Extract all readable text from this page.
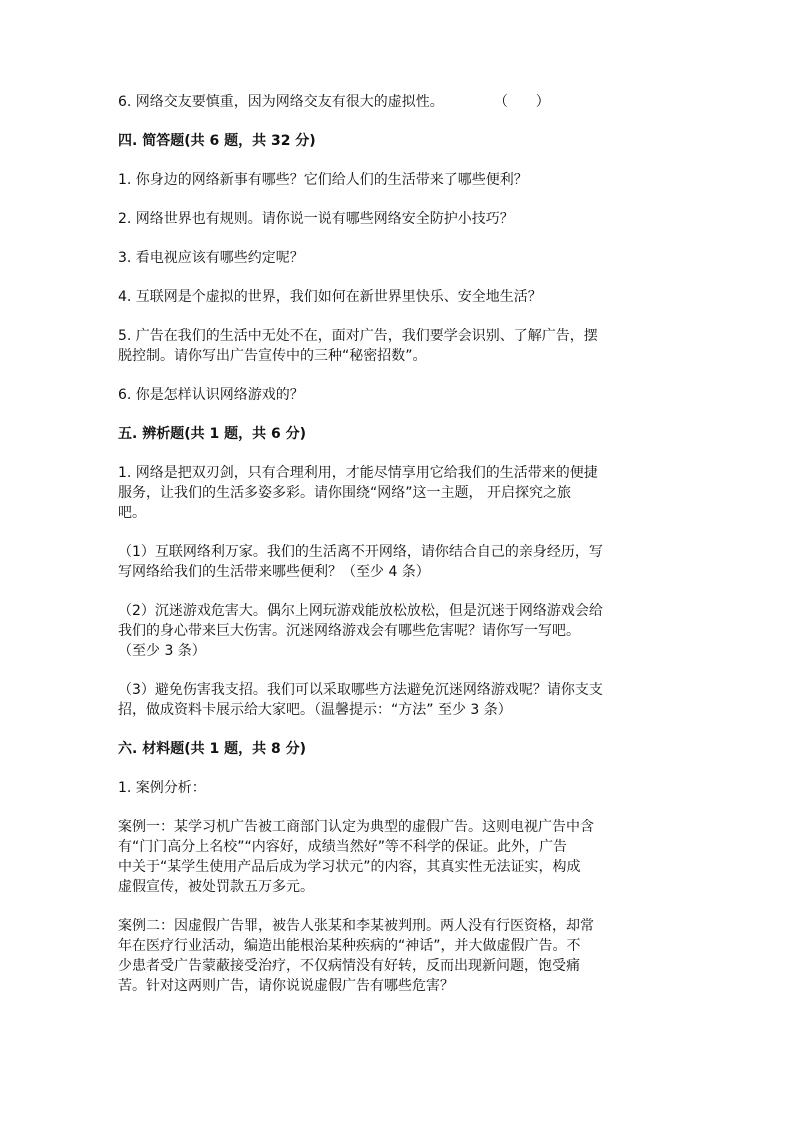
6. 网络交友要慎重，因为网络交友有很大的虚拟性。	（　　）

四. 简答题(共 6 题，共 32 分)

1. 你身边的网络新事有哪些？它们给人们的生活带来了哪些便利？

2. 网络世界也有规则。请你说一说有哪些网络安全防护小技巧？

3. 看电视应该有哪些约定呢？

4. 互联网是个虚拟的世界，我们如何在新世界里快乐、安全地生活？

5. 广告在我们的生活中无处不在，面对广告，我们要学会识别、了解广告，摆

脱控制。请你写出广告宣传中的三种“秘密招数”。

6. 你是怎样认识网络游戏的？

五. 辨析题(共 1 题，共 6 分)

1. 网络是把双刃剑，只有合理利用，才能尽情享用它给我们的生活带来的便捷

服务，让我们的生活多姿多彩。请你围绕“网络”这一主题， 开启探究之旅

吧。

（1）互联网络利万家。我们的生活离不开网络，请你结合自己的亲身经历，写

写网络给我们的生活带来哪些便利？（至少 4 条）

（2）沉迷游戏危害大。偶尔上网玩游戏能放松放松，但是沉迷于网络游戏会给

我们的身心带来巨大伤害。沉迷网络游戏会有哪些危害呢？请你写一写吧。

（至少 3 条）

（3）避免伤害我支招。我们可以采取哪些方法避免沉迷网络游戏呢？请你支支

招，做成资料卡展示给大家吧。（温馨提示：“方法” 至少 3 条）

六. 材料题(共 1 题，共 8 分)

1. 案例分析：

案例一：某学习机广告被工商部门认定为典型的虚假广告。这则电视广告中含

有“门门高分上名校”“内容好，成绩当然好”等不科学的保证。此外，广告

中关于“某学生使用产品后成为学习状元”的内容，其真实性无法证实，构成

虚假宣传，被处罚款五万多元。

案例二：因虚假广告罪，被告人张某和李某被判刑。两人没有行医资格，却常

年在医疗行业活动，编造出能根治某种疾病的“神话”，并大做虚假广告。不

少患者受广告蒙蔽接受治疗，不仅病情没有好转，反而出现新问题，饱受痛

苦。针对这两则广告，请你说说虚假广告有哪些危害？
